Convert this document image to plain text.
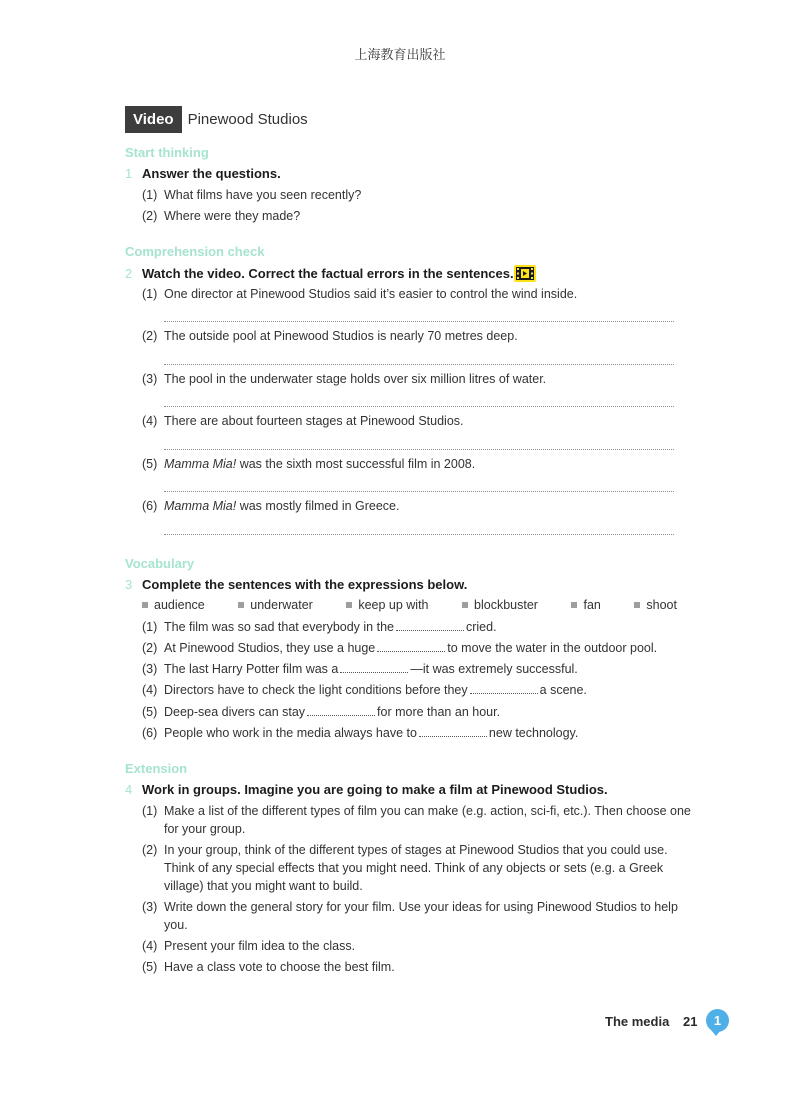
上海教育出版社
Video Pinewood Studios
Start thinking
1 Answer the questions.
(1) What films have you seen recently?
(2) Where were they made?
Comprehension check
2 Watch the video. Correct the factual errors in the sentences.
(1) One director at Pinewood Studios said it’s easier to control the wind inside.
(2) The outside pool at Pinewood Studios is nearly 70 metres deep.
(3) The pool in the underwater stage holds over six million litres of water.
(4) There are about fourteen stages at Pinewood Studios.
(5) Mamma Mia! was the sixth most successful film in 2008.
(6) Mamma Mia! was mostly filmed in Greece.
Vocabulary
3 Complete the sentences with the expressions below.
audience	underwater	keep up with	blockbuster	fan	shoot
(1) The film was so sad that everybody in the	cried.
(2) At Pinewood Studios, they use a huge	to move the water in the outdoor pool.
(3) The last Harry Potter film was a	—it was extremely successful.
(4) Directors have to check the light conditions before they	a scene.
(5) Deep-sea divers can stay	for more than an hour.
(6) People who work in the media always have to	new technology.
Extension
4 Work in groups. Imagine you are going to make a film at Pinewood Studios.
(1) Make a list of the different types of film you can make (e.g. action, sci-fi, etc.). Then choose one for your group.
(2) In your group, think of the different types of stages at Pinewood Studios that you could use. Think of any special effects that you might need. Think of any objects or sets (e.g. a Greek village) that you might want to build.
(3) Write down the general story for your film. Use your ideas for using Pinewood Studios to help you.
(4) Present your film idea to the class.
(5) Have a class vote to choose the best film.
The media 21	1
